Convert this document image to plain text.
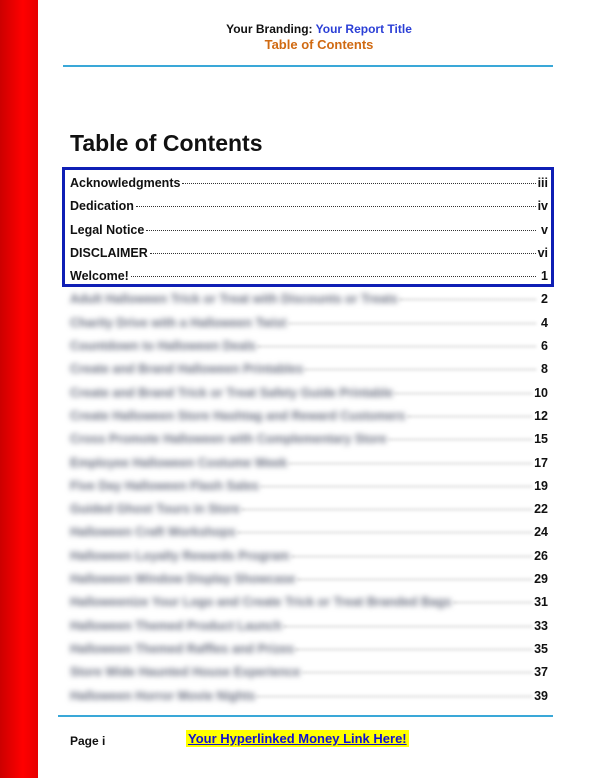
Your Branding: Your Report Title
Table of Contents
Table of Contents
Acknowledgments	iii
Dedication	iv
Legal Notice	v
DISCLAIMER	vi
Welcome!	1
Adult Halloween Trick or Treat with Discounts or Treats	2
Charity Drive with a Halloween Twist	4
Countdown to Halloween Deals	6
Create and Brand Halloween Printables	8
Create and Brand Trick or Treat Safety Guide Printable	10
Create Halloween Store Hashtag and Reward Customers	12
Cross Promote Halloween with Complementary Store	15
Employee Halloween Costume Week	17
Five Day Halloween Flash Sales	19
Guided Ghost Tours in Store	22
Halloween Craft Workshops	24
Halloween Loyalty Rewards Program	26
Halloween Window Display Showcase	29
Halloweenize Your Logo and Create Trick or Treat Branded Bags	31
Halloween Themed Product Launch	33
Halloween Themed Raffles and Prizes	35
Store Wide Haunted House Experience	37
Halloween Horror Movie Nights	39
Page i	Your Hyperlinked Money Link Here!
